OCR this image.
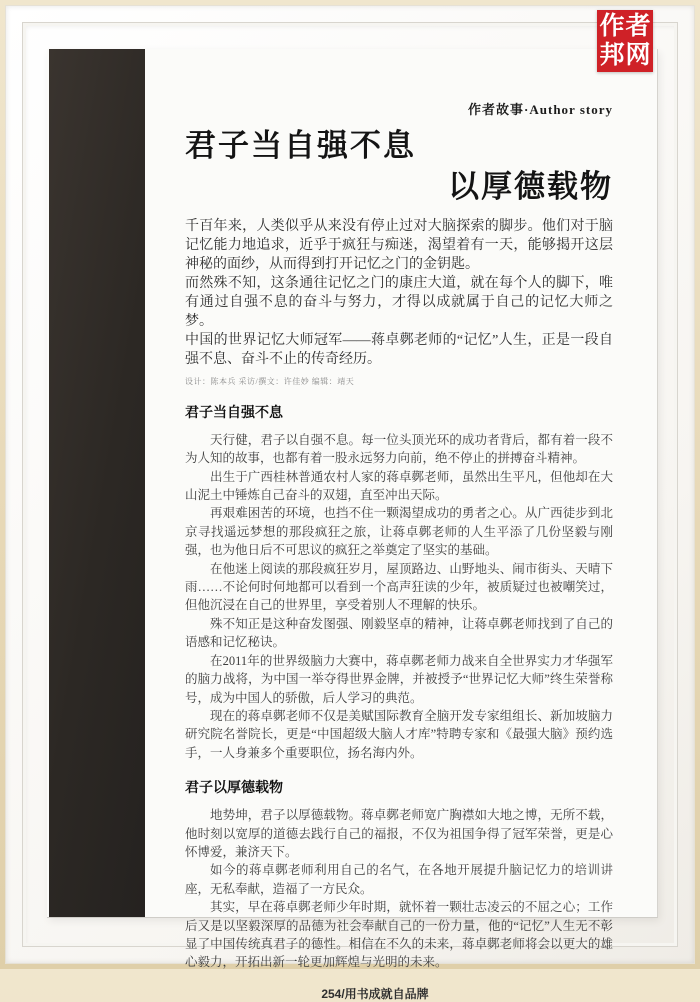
作者故事·Author story
君子当自强不息
以厚德载物

千百年来，人类似乎从来没有停止过对大脑探索的脚步。他们对于脑记忆能力地追求，近乎于疯狂与痴迷，渴望着有一天，能够揭开这层神秘的面纱，从而得到打开记忆之门的金钥匙。

而然殊不知，这条通往记忆之门的康庄大道，就在每个人的脚下，唯有通过自强不息的奋斗与努力，才得以成就属于自己的记忆大师之梦。

中国的世界记忆大师冠军——蒋卓鄸老师的“记忆”人生，正是一段自强不息、奋斗不止的传奇经历。

设计：陈本兵 采访/撰文：许佳妙 编辑：靖天
君子当自强不息

天行健，君子以自强不息。每一位头顶光环的成功者背后，都有着一段不为人知的故事，也都有着一股永远努力向前，绝不停止的拼搏奋斗精神。

出生于广西桂林普通农村人家的蒋卓鄸老师，虽然出生平凡，但他却在大山泥土中锤炼自己奋斗的双翅，直至冲出天际。

再艰难困苦的环境，也挡不住一颗渴望成功的勇者之心。从广西徒步到北京寻找遥远梦想的那段疯狂之旅，让蒋卓鄸老师的人生平添了几份坚毅与刚强，也为他日后不可思议的疯狂之举奠定了坚实的基础。

在他迷上阅读的那段疯狂岁月，屋顶路边、山野地头、闹市街头、天晴下雨……不论何时何地都可以看到一个高声狂读的少年，被质疑过也被嘲笑过，但他沉浸在自己的世界里，享受着别人不理解的快乐。

殊不知正是这种奋发图强、刚毅坚卓的精神，让蒋卓鄸老师找到了自己的语感和记忆秘诀。

在2011年的世界级脑力大赛中，蒋卓鄸老师力战来自全世界实力才华强军的脑力战将，为中国一举夺得世界金牌，并被授予“世界记忆大师”终生荣誉称号，成为中国人的骄傲，后人学习的典范。

现在的蒋卓鄸老师不仅是美赋国际教育全脑开发专家组组长、新加坡脑力研究院名誉院长，更是“中国超级大脑人才库”特聘专家和《最强大脑》预约选手，一人身兼多个重要职位，扬名海内外。

君子以厚德载物

地势坤，君子以厚德载物。蒋卓鄸老师宽广胸襟如大地之博，无所不载，他时刻以宽厚的道德去践行自己的福报，不仅为祖国争得了冠军荣誉，更是心怀博爱，兼济天下。

如今的蒋卓鄸老师利用自己的名气，在各地开展提升脑记忆力的培训讲座，无私奉献，造福了一方民众。

其实，早在蒋卓鄸老师少年时期，就怀着一颗壮志凌云的不屈之心；工作后又是以坚毅深厚的品德为社会奉献自己的一份力量，他的“记忆”人生无不彰显了中国传统真君子的德性。相信在不久的未来，蒋卓鄸老师将会以更大的雄心毅力，开拓出新一轮更加辉煌与光明的未来。

254/用书成就自品牌
作 者
邦 网
